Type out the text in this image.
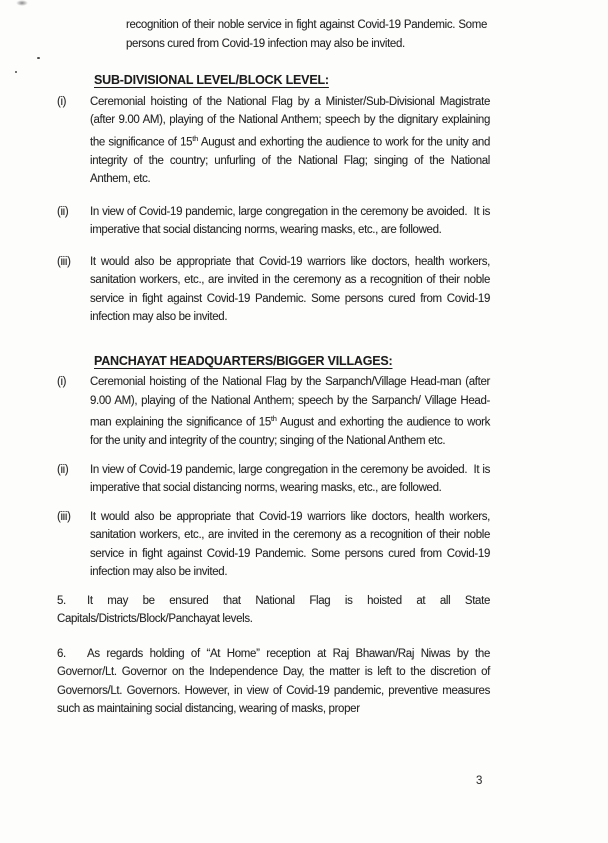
recognition of their noble service in fight against Covid-19 Pandemic. Some persons cured from Covid-19 infection may also be invited.

SUB-DIVISIONAL LEVEL/BLOCK LEVEL:
(i)	Ceremonial hoisting of the National Flag by a Minister/Sub-Divisional Magistrate (after 9.00 AM), playing of the National Anthem; speech by the dignitary explaining the significance of 15th August and exhorting the audience to work for the unity and integrity of the country; unfurling of the National Flag; singing of the National Anthem, etc.
(ii)	In view of Covid-19 pandemic, large congregation in the ceremony be avoided.  It is imperative that social distancing norms, wearing masks, etc., are followed.
(iii)	It would also be appropriate that Covid-19 warriors like doctors, health workers, sanitation workers, etc., are invited in the ceremony as a recognition of their noble service in fight against Covid-19 Pandemic. Some persons cured from Covid-19 infection may also be invited.
PANCHAYAT HEADQUARTERS/BIGGER VILLAGES:
(i)	Ceremonial hoisting of the National Flag by the Sarpanch/Village Head-man (after 9.00 AM), playing of the National Anthem; speech by the Sarpanch/ Village Head-man explaining the significance of 15th August and exhorting the audience to work for the unity and integrity of the country; singing of the National Anthem etc.
(ii)	In view of Covid-19 pandemic, large congregation in the ceremony be avoided.  It is imperative that social distancing norms, wearing masks, etc., are followed.
(iii)	It would also be appropriate that Covid-19 warriors like doctors, health workers, sanitation workers, etc., are invited in the ceremony as a recognition of their noble service in fight against Covid-19 Pandemic. Some persons cured from Covid-19 infection may also be invited.

5. It may be ensured that National Flag is hoisted at all State Capitals/Districts/Block/Panchayat levels.

6. As regards holding of “At Home” reception at Raj Bhawan/Raj Niwas by the Governor/Lt. Governor on the Independence Day, the matter is left to the discretion of Governors/Lt. Governors. However, in view of Covid-19 pandemic, preventive measures such as maintaining social distancing, wearing of masks, proper

3
